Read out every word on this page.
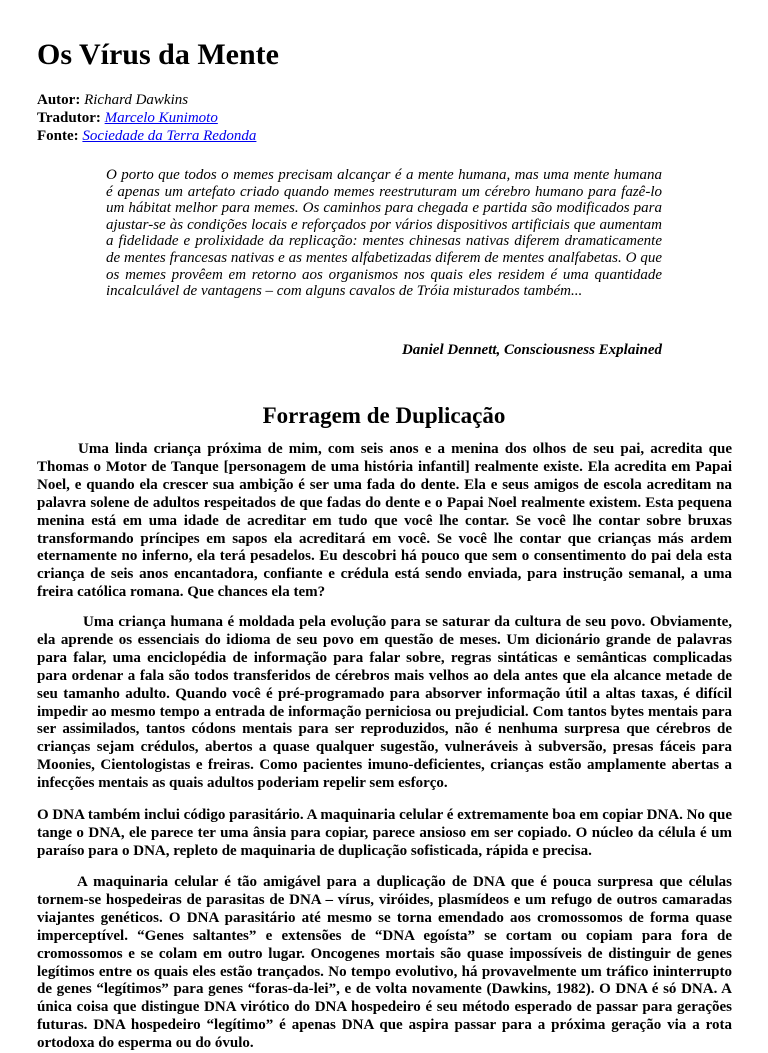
Os Vírus da Mente
Autor: Richard Dawkins
Tradutor: Marcelo Kunimoto
Fonte: Sociedade da Terra Redonda

O porto que todos o memes precisam alcançar é a mente humana, mas uma mente humana é apenas um artefato criado quando memes reestruturam um cérebro humano para fazê-lo um hábitat melhor para memes. Os caminhos para chegada e partida são modificados para ajustar-se às condições locais e reforçados por vários dispositivos artificiais que aumentam a fidelidade e prolixidade da replicação: mentes chinesas nativas diferem dramaticamente de mentes francesas nativas e as mentes alfabetizadas diferem de mentes analfabetas. O que os memes provêem em retorno aos organismos nos quais eles residem é uma quantidade incalculável de vantagens – com alguns cavalos de Tróia misturados também...

Daniel Dennett, Consciousness Explained
Forragem de Duplicação

Uma linda criança próxima de mim, com seis anos e a menina dos olhos de seu pai, acredita que Thomas o Motor de Tanque [personagem de uma história infantil] realmente existe. Ela acredita em Papai Noel, e quando ela crescer sua ambição é ser uma fada do dente. Ela e seus amigos de escola acreditam na palavra solene de adultos respeitados de que fadas do dente e o Papai Noel realmente existem. Esta pequena menina está em uma idade de acreditar em tudo que você lhe contar. Se você lhe contar sobre bruxas transformando príncipes em sapos ela acreditará em você. Se você lhe contar que crianças más ardem eternamente no inferno, ela terá pesadelos. Eu descobri há pouco que sem o consentimento do pai dela esta criança de seis anos encantadora, confiante e crédula está sendo enviada, para instrução semanal, a uma freira católica romana. Que chances ela tem?

Uma criança humana é moldada pela evolução para se saturar da cultura de seu povo. Obviamente, ela aprende os essenciais do idioma de seu povo em questão de meses. Um dicionário grande de palavras para falar, uma enciclopédia de informação para falar sobre, regras sintáticas e semânticas complicadas para ordenar a fala são todos transferidos de cérebros mais velhos ao dela antes que ela alcance metade de seu tamanho adulto. Quando você é pré-programado para absorver informação útil a altas taxas, é difícil impedir ao mesmo tempo a entrada de informação perniciosa ou prejudicial. Com tantos bytes mentais para ser assimilados, tantos códons mentais para ser reproduzidos, não é nenhuma surpresa que cérebros de crianças sejam crédulos, abertos a quase qualquer sugestão, vulneráveis à subversão, presas fáceis para Moonies, Cientologistas e freiras. Como pacientes imuno-deficientes, crianças estão amplamente abertas a infecções mentais as quais adultos poderiam repelir sem esforço.

O DNA também inclui código parasitário. A maquinaria celular é extremamente boa em copiar DNA. No que tange o DNA, ele parece ter uma ânsia para copiar, parece ansioso em ser copiado. O núcleo da célula é um paraíso para o DNA, repleto de maquinaria de duplicação sofisticada, rápida e precisa.

A maquinaria celular é tão amigável para a duplicação de DNA que é pouca surpresa que células tornem-se hospedeiras de parasitas de DNA – vírus, viróides, plasmídeos e um refugo de outros camaradas viajantes genéticos. O DNA parasitário até mesmo se torna emendado aos cromossomos de forma quase imperceptível. “Genes saltantes” e extensões de “DNA egoísta” se cortam ou copiam para fora de cromossomos e se colam em outro lugar. Oncogenes mortais são quase impossíveis de distinguir de genes legítimos entre os quais eles estão trançados. No tempo evolutivo, há provavelmente um tráfico ininterrupto de genes “legítimos” para genes “foras-da-lei”, e de volta novamente (Dawkins, 1982). O DNA é só DNA. A única coisa que distingue DNA virótico do DNA hospedeiro é seu método esperado de passar para gerações futuras. DNA hospedeiro “legítimo” é apenas DNA que aspira passar para a próxima geração via a rota ortodoxa do esperma ou do óvulo.
